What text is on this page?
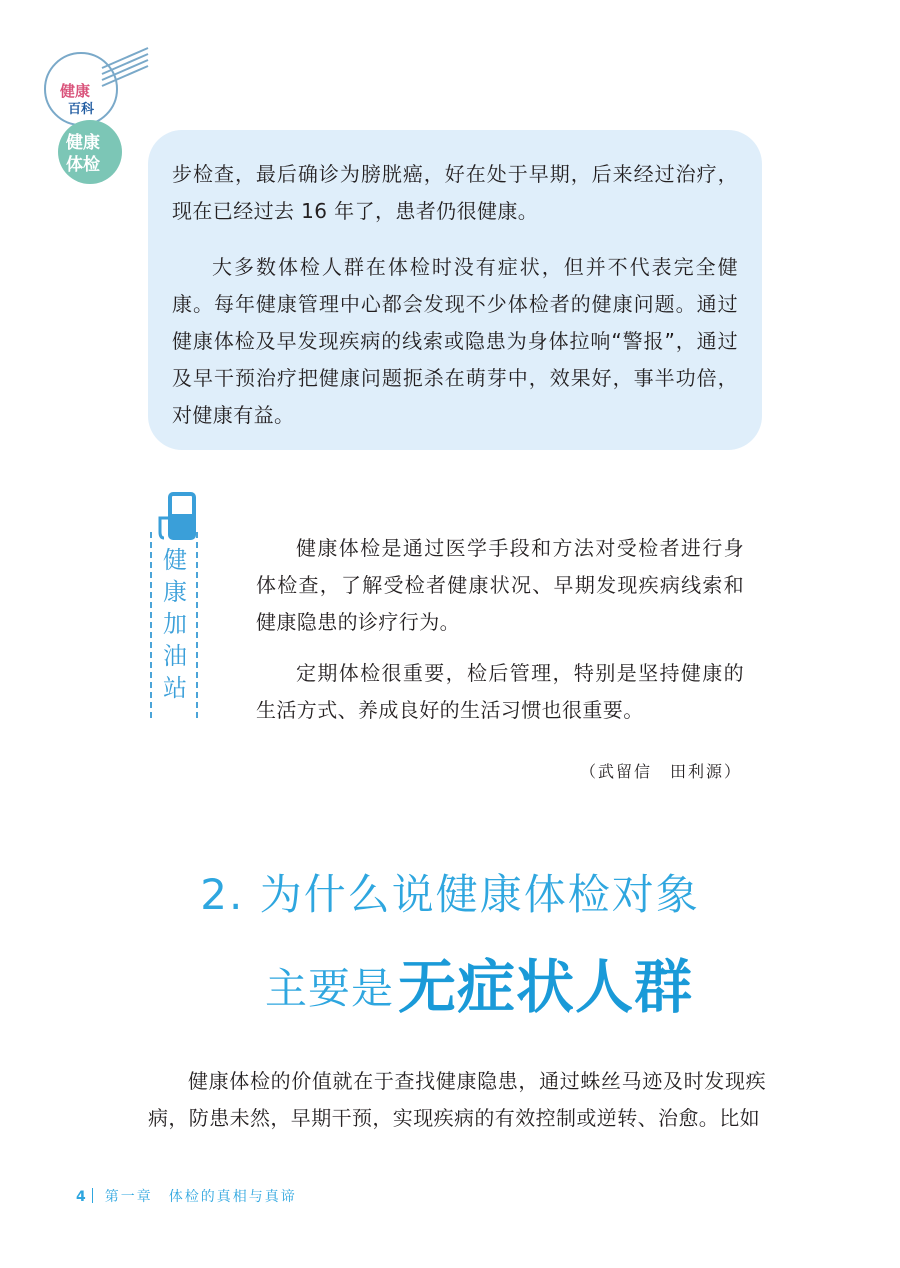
健康
百科
健康
体检
系列

步检查，最后确诊为膀胱癌，好在处于早期，后来经过治疗，现在已经过去 16 年了，患者仍很健康。

大多数体检人群在体检时没有症状，但并不代表完全健康。每年健康管理中心都会发现不少体检者的健康问题。通过健康体检及早发现疾病的线索或隐患为身体拉响“警报”，通过及早干预治疗把健康问题扼杀在萌芽中，效果好，事半功倍，对健康有益。

健康加油站

健康体检是通过医学手段和方法对受检者进行身体检查，了解受检者健康状况、早期发现疾病线索和健康隐患的诊疗行为。

定期体检很重要，检后管理，特别是坚持健康的生活方式、养成良好的生活习惯也很重要。

（武留信　田利源）
2. 为什么说健康体检对象
主要是无症状人群

健康体检的价值就在于查找健康隐患，通过蛛丝马迹及时发现疾病，防患未然，早期干预，实现疾病的有效控制或逆转、治愈。比如

4 第一章　体检的真相与真谛
